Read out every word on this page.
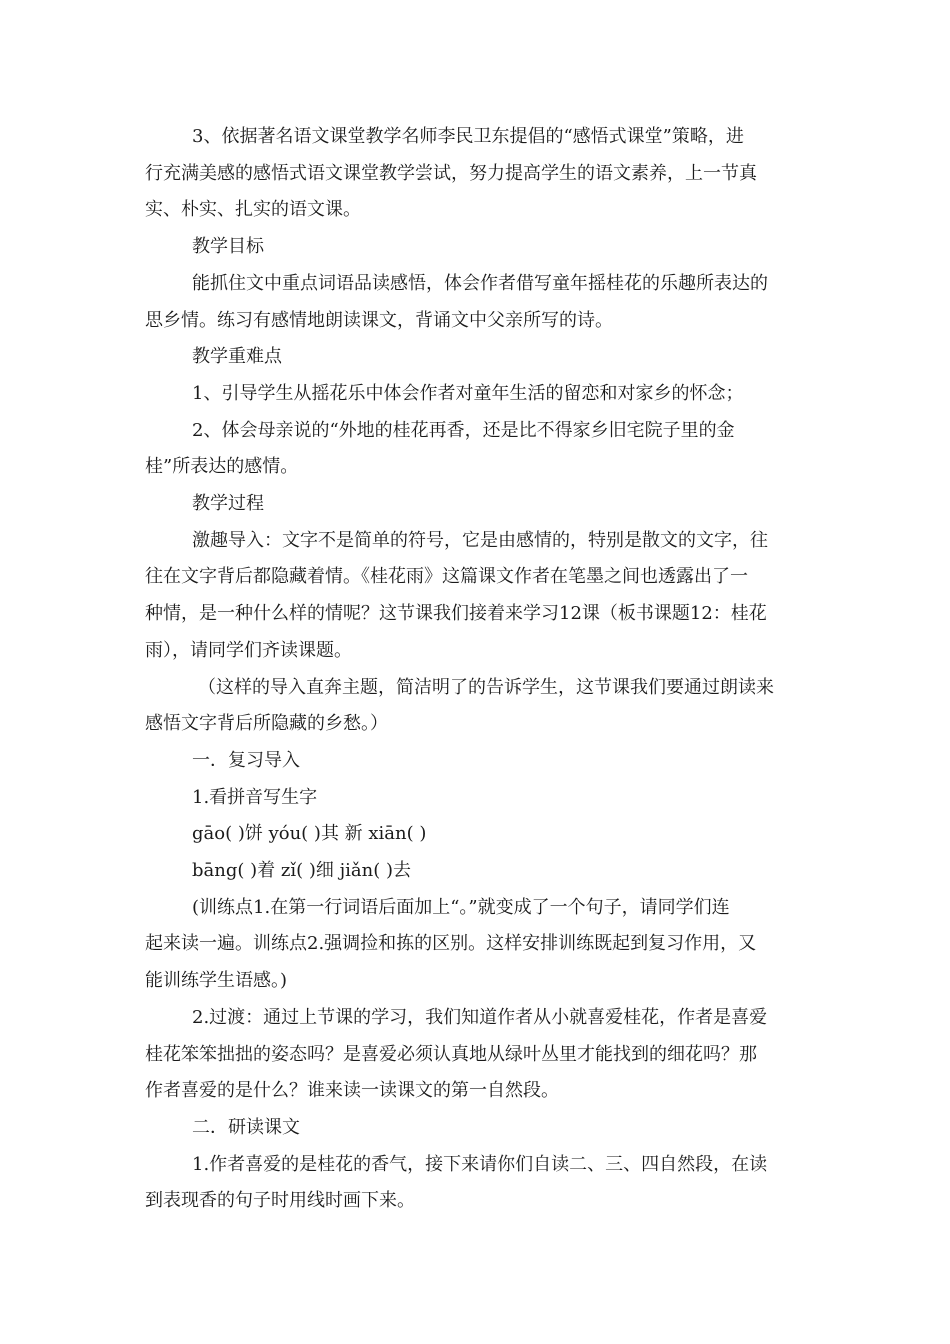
3、依据著名语文课堂教学名师李民卫东提倡的“感悟式课堂”策略，进

行充满美感的感悟式语文课堂教学尝试，努力提高学生的语文素养，上一节真

实、朴实、扎实的语文课。

教学目标

能抓住文中重点词语品读感悟，体会作者借写童年摇桂花的乐趣所表达的

思乡情。练习有感情地朗读课文，背诵文中父亲所写的诗。

教学重难点

1、引导学生从摇花乐中体会作者对童年生活的留恋和对家乡的怀念；

2、体会母亲说的“外地的桂花再香，还是比不得家乡旧宅院子里的金

桂”所表达的感情。

教学过程

激趣导入：文字不是简单的符号，它是由感情的，特别是散文的文字，往

往在文字背后都隐藏着情。《桂花雨》这篇课文作者在笔墨之间也透露出了一

种情，是一种什么样的情呢？这节课我们接着来学习12课（板书课题12：桂花

雨），请同学们齐读课题。

（这样的导入直奔主题，简洁明了的告诉学生，这节课我们要通过朗读来

感悟文字背后所隐藏的乡愁。）

一．复习导入

1.看拼音写生字

gāo( )饼 yóu( )其 新 xiān( )

bāng( )着 zǐ( )细 jiǎn( )去

(训练点1.在第一行词语后面加上“。”就变成了一个句子，请同学们连

起来读一遍。训练点2.强调捡和拣的区别。这样安排训练既起到复习作用，又

能训练学生语感。)

2.过渡：通过上节课的学习，我们知道作者从小就喜爱桂花，作者是喜爱

桂花笨笨拙拙的姿态吗？是喜爱必须认真地从绿叶丛里才能找到的细花吗？那

作者喜爱的是什么？谁来读一读课文的第一自然段。

二．研读课文

1.作者喜爱的是桂花的香气，接下来请你们自读二、三、四自然段，在读

到表现香的句子时用线时画下来。
